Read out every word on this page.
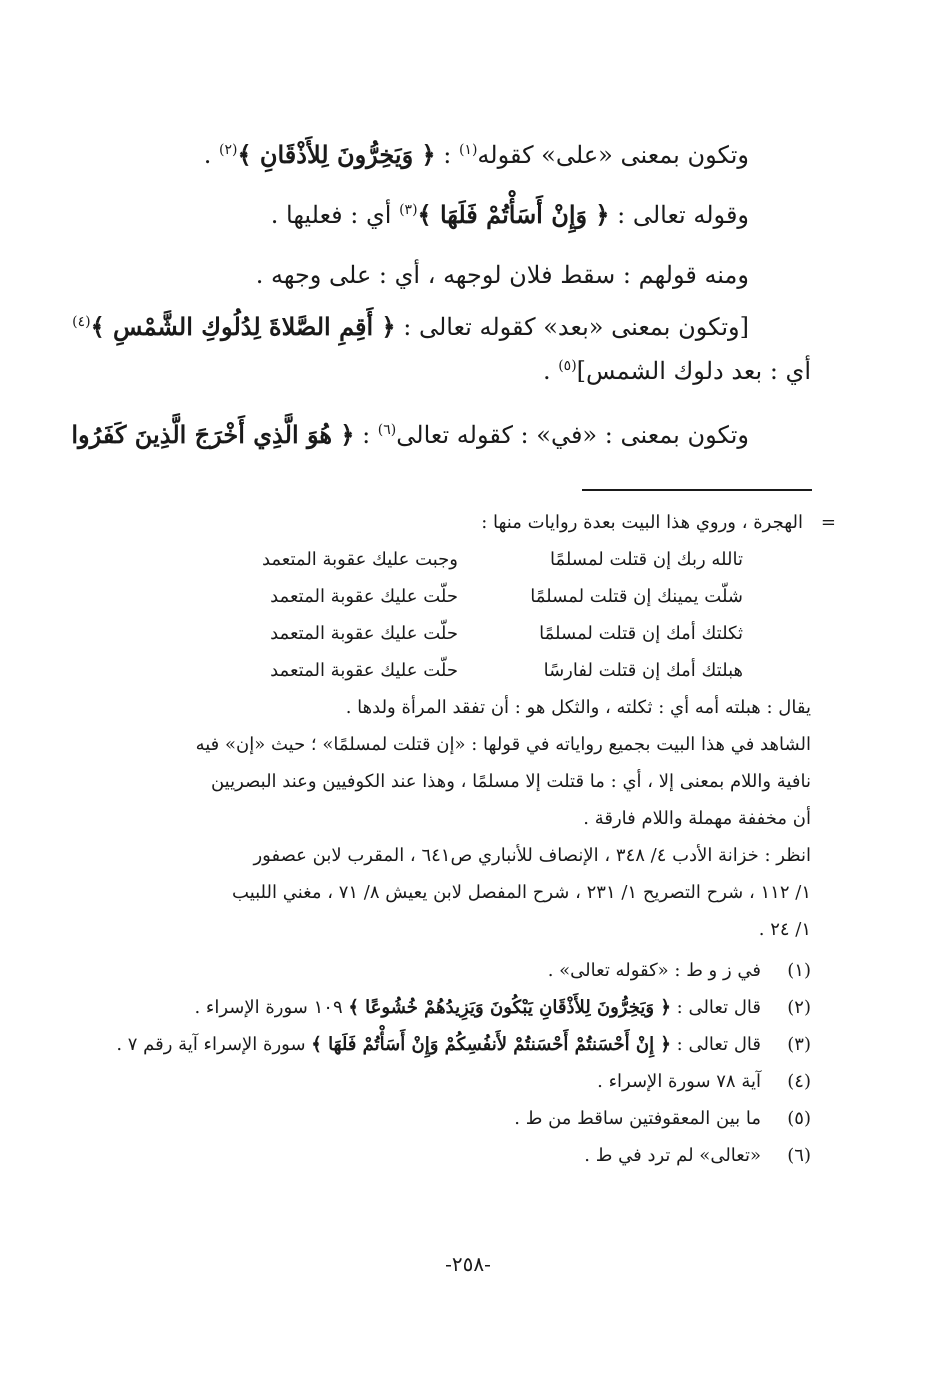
وتكون بمعنى «على» كقوله$^{(١)}$ : ﴿ وَيَخِرُّونَ لِلأَذْقَانِ ﴾$^{(٢)}$ .

وقوله تعالى : ﴿ وَإِنْ أَسَأْتُمْ فَلَهَا ﴾$^{(٣)}$ أي : فعليها .

ومنه قولهم : سقط فلان لوجهه ، أي : على وجهه .

[وتكون بمعنى «بعد» كقوله تعالى : ﴿ أَقِمِ الصَّلاةَ لِدُلُوكِ الشَّمْسِ ﴾$^{(٤)}$

أي : بعد دلوك الشمس]$^{(٥)}$ .

وتكون بمعنى : «في» : كقوله تعالى$^{(٦)}$ : ﴿ هُوَ الَّذِي أَخْرَجَ الَّذِينَ كَفَرُوا

=

الهجرة ، وروي هذا البيت بعدة روايات منها :

تالله ربك إن قتلت لمسلمًا
وجبت عليك عقوبة المتعمد
شلّت يمينك إن قتلت لمسلمًا
حلّت عليك عقوبة المتعمد
ثكلتك أمك إن قتلت لمسلمًا
حلّت عليك عقوبة المتعمد
هبلتك أمك إن قتلت لفارسًا
حلّت عليك عقوبة المتعمد

يقال : هبلته أمه أي : ثكلته ، والثكل هو : أن تفقد المرأة ولدها .

الشاهد في هذا البيت بجميع رواياته في قولها : «إن قتلت لمسلمًا» ؛ حيث «إن» فيه

نافية واللام بمعنى إلا ، أي : ما قتلت إلا مسلمًا ، وهذا عند الكوفيين وعند البصريين

أن مخففة مهملة واللام فارقة .

انظر : خزانة الأدب ٤/ ٣٤٨ ، الإنصاف للأنباري ص٦٤١ ، المقرب لابن عصفور

١/ ١١٢ ، شرح التصريح ١/ ٢٣١ ، شرح المفصل لابن يعيش ٨/ ٧١ ، مغني اللبيب

١/ ٢٤ .

(١)
في ز و ط : «كقوله تعالى» .
(٢)
قال تعالى : ﴿ وَيَخِرُّونَ لِلأَذْقَانِ يَبْكُونَ وَيَزِيدُهُمْ خُشُوعًا ﴾ ١٠٩ سورة الإسراء .
(٣)
قال تعالى : ﴿ إِنْ أَحْسَنتُمْ أَحْسَنتُمْ لأَنفُسِكُمْ وَإِنْ أَسَأْتُمْ فَلَهَا ﴾ سورة الإسراء آية رقم ٧ .
(٤)
آية ٧٨ سورة الإسراء .
(٥)
ما بين المعقوفتين ساقط من ط .
(٦)
«تعالى» لم ترد في ط .
-٢٥٨-
